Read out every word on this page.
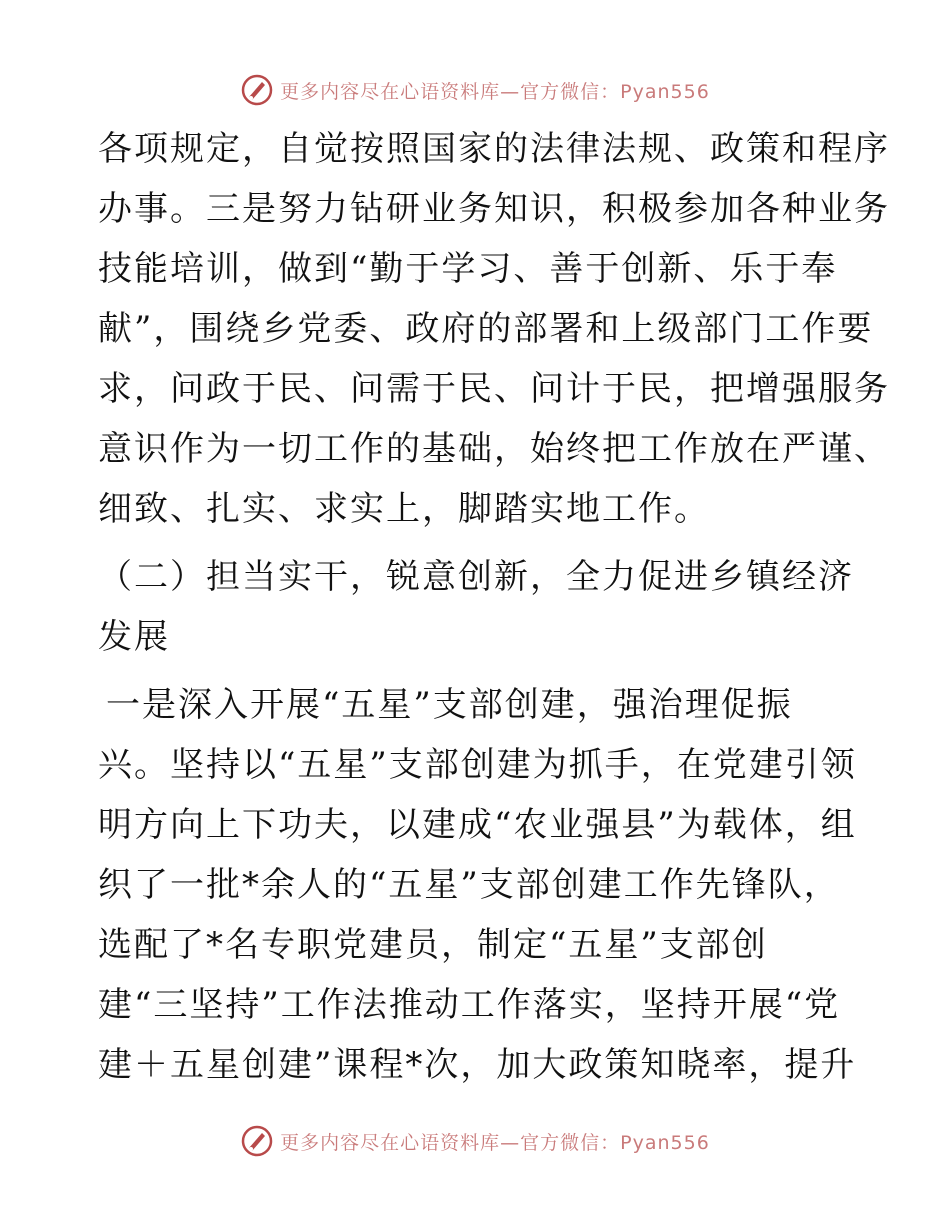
更多内容尽在心语资料库—官方微信：Pyan556
各项规定，自觉按照国家的法律法规、政策和程序
办事。三是努力钻研业务知识，积极参加各种业务
技能培训，做到“勤于学习、善于创新、乐于奉
献”，围绕乡党委、政府的部署和上级部门工作要
求，问政于民、问需于民、问计于民，把增强服务
意识作为一切工作的基础，始终把工作放在严谨、
细致、扎实、求实上，脚踏实地工作。
（二）担当实干，锐意创新，全力促进乡镇经济
发展
一是深入开展“五星”支部创建，强治理促振
兴。坚持以“五星”支部创建为抓手，在党建引领
明方向上下功夫，以建成“农业强县”为载体，组
织了一批*余人的“五星”支部创建工作先锋队，
选配了*名专职党建员，制定“五星”支部创
建“三坚持”工作法推动工作落实，坚持开展“党
建＋五星创建”课程*次，加大政策知晓率，提升
更多内容尽在心语资料库—官方微信：Pyan556
